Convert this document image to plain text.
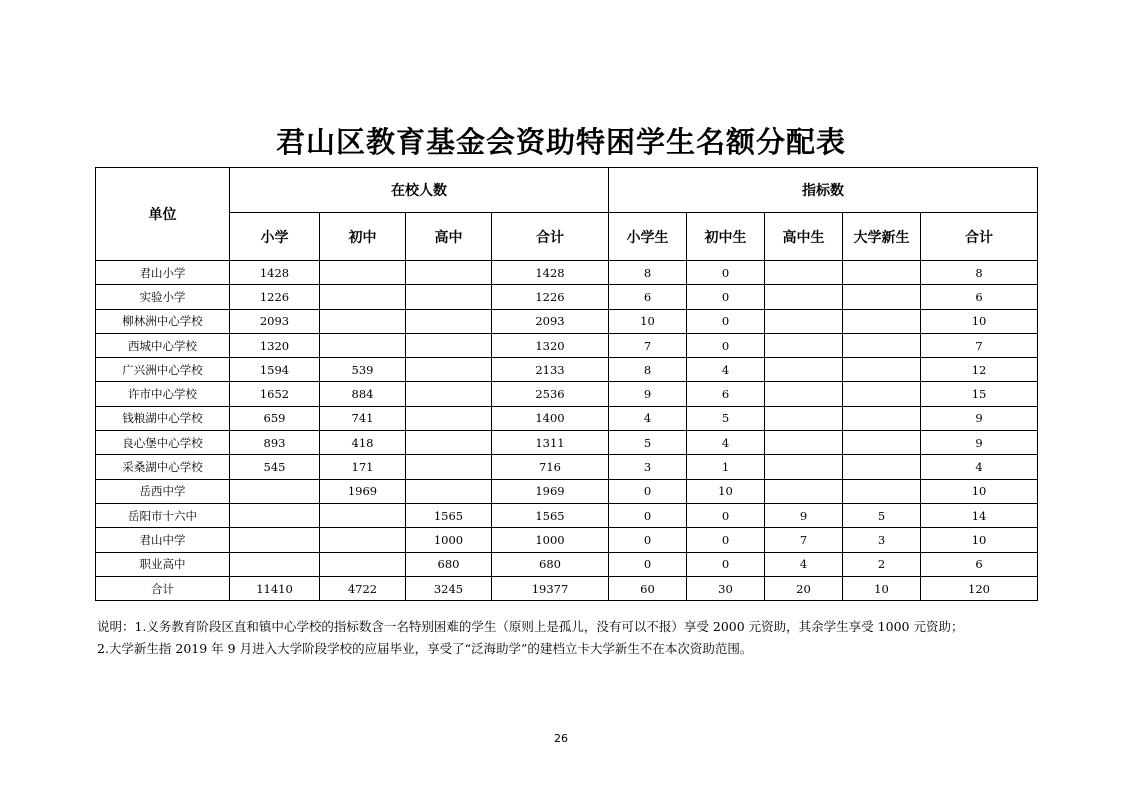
君山区教育基金会资助特困学生名额分配表
单位	在校人数				指标数				
	小学	初中	高中	合计	小学生	初中生	高中生	大学新生	合计
君山小学	1428			1428	8	0			8
实验小学	1226			1226	6	0			6
柳林洲中心学校	2093			2093	10	0			10
西城中心学校	1320			1320	7	0			7
广兴洲中心学校	1594	539		2133	8	4			12
许市中心学校	1652	884		2536	9	6			15
钱粮湖中心学校	659	741		1400	4	5			9
良心堡中心学校	893	418		1311	5	4			9
采桑湖中心学校	545	171		716	3	1			4
岳西中学		1969		1969	0	10			10
岳阳市十六中			1565	1565	0	0	9	5	14
君山中学			1000	1000	0	0	7	3	10
职业高中			680	680	0	0	4	2	6
合计	11410	4722	3245	19377	60	30	20	10	120
说明：1.义务教育阶段区直和镇中心学校的指标数含一名特别困难的学生（原则上是孤儿，没有可以不报）享受 2000 元资助，其余学生享受 1000 元资助；
2.大学新生指 2019 年 9 月进入大学阶段学校的应届毕业，享受了“泛海助学”的建档立卡大学新生不在本次资助范围。
26
